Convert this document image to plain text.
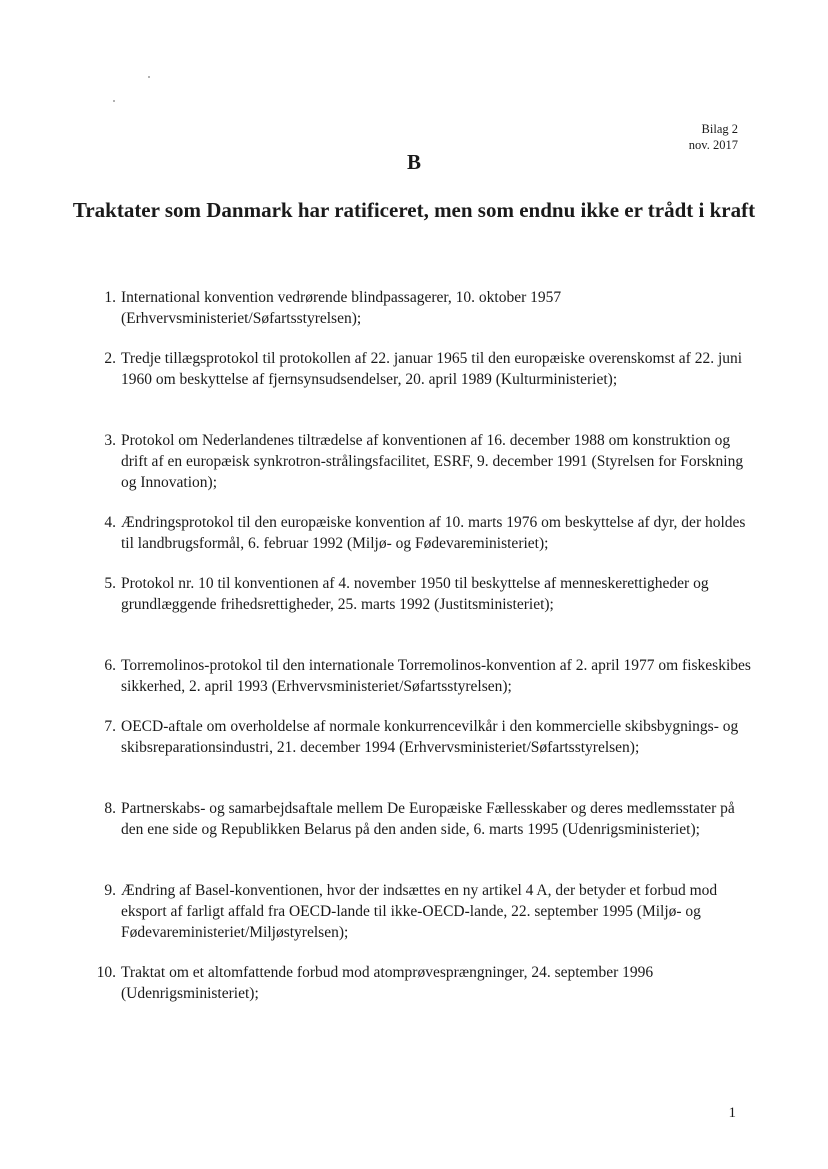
Bilag 2
nov. 2017
B
Traktater som Danmark har ratificeret, men som endnu ikke er trådt i kraft
1. International konvention vedrørende blindpassagerer, 10. oktober 1957 (Erhvervsministeriet/Søfartsstyrelsen);
2. Tredje tillægsprotokol til protokollen af 22. januar 1965 til den europæiske overenskomst af 22. juni 1960 om beskyttelse af fjernsynsudsendelser, 20. april 1989 (Kulturministeriet);
3. Protokol om Nederlandenes tiltrædelse af konventionen af 16. december 1988 om konstruktion og drift af en europæisk synkrotron-strålingsfacilitet, ESRF, 9. december 1991 (Styrelsen for Forskning og Innovation);
4. Ændringsprotokol til den europæiske konvention af 10. marts 1976 om beskyttelse af dyr, der holdes til landbrugsformål, 6. februar 1992 (Miljø- og Fødevareministeriet);
5. Protokol nr. 10 til konventionen af 4. november 1950 til beskyttelse af menneskerettigheder og grundlæggende frihedsrettigheder, 25. marts 1992 (Justitsministeriet);
6. Torremolinos-protokol til den internationale Torremolinos-konvention af 2. april 1977 om fiskeskibes sikkerhed, 2. april 1993 (Erhvervsministeriet/Søfartsstyrelsen);
7. OECD-aftale om overholdelse af normale konkurrencevilkår i den kommercielle skibsbygnings- og skibsreparationsindustri, 21. december 1994 (Erhvervsministeriet/Søfartsstyrelsen);
8. Partnerskabs- og samarbejdsaftale mellem De Europæiske Fællesskaber og deres medlemsstater på den ene side og Republikken Belarus på den anden side, 6. marts 1995 (Udenrigsministeriet);
9. Ændring af Basel-konventionen, hvor der indsættes en ny artikel 4 A, der betyder et forbud mod eksport af farligt affald fra OECD-lande til ikke-OECD-lande, 22. september 1995 (Miljø- og Fødevareministeriet/Miljøstyrelsen);
10. Traktat om et altomfattende forbud mod atomprøvesprængninger, 24. september 1996 (Udenrigsministeriet);
1
